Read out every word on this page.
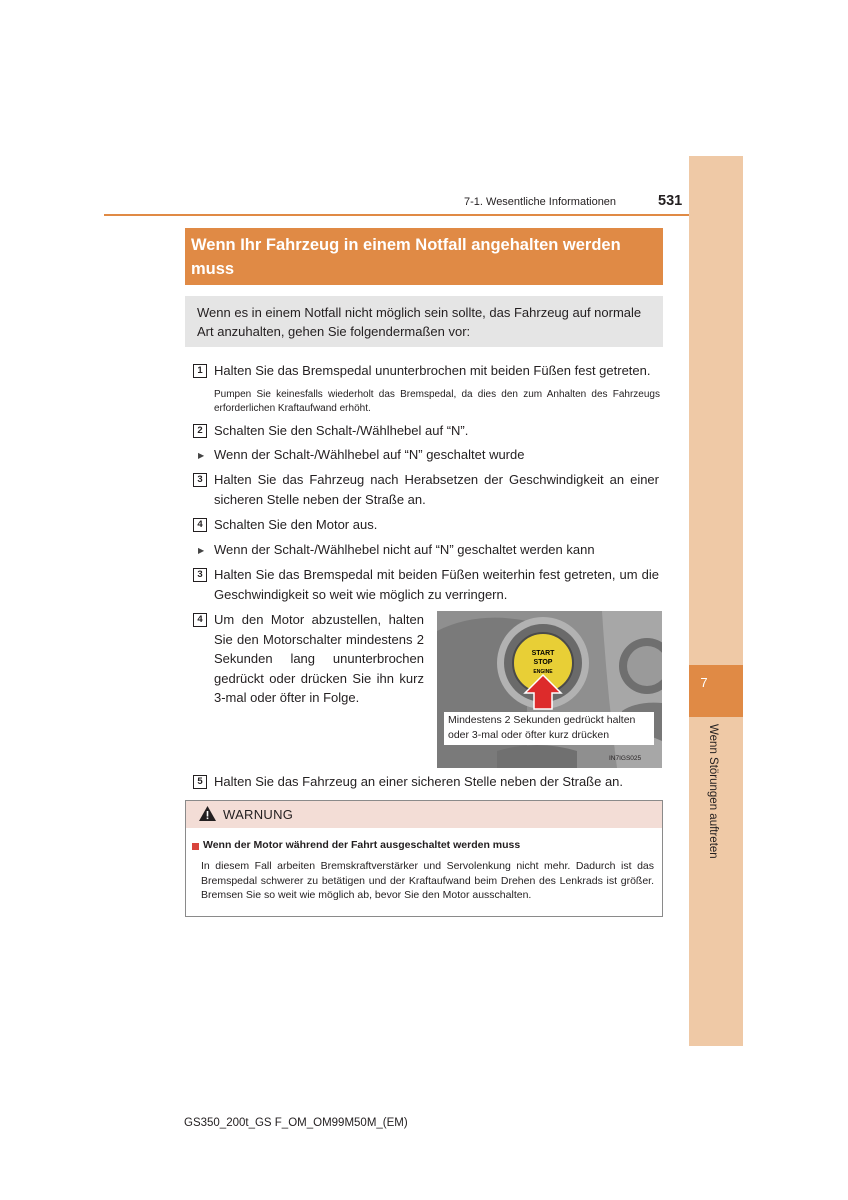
7
Wenn Störungen auftreten
7-1. Wesentliche Informationen	531
Wenn Ihr Fahrzeug in einem Notfall angehalten werden muss
Wenn es in einem Notfall nicht möglich sein sollte, das Fahrzeug auf normale Art anzuhalten, gehen Sie folgendermaßen vor:
1 Halten Sie das Bremspedal ununterbrochen mit beiden Füßen fest getreten.
Pumpen Sie keinesfalls wiederholt das Bremspedal, da dies den zum Anhalten des Fahrzeugs erforderlichen Kraftaufwand erhöht.
2 Schalten Sie den Schalt-/Wählhebel auf “N”.
▶ Wenn der Schalt-/Wählhebel auf “N” geschaltet wurde
3 Halten Sie das Fahrzeug nach Herabsetzen der Geschwindigkeit an einer sicheren Stelle neben der Straße an.
4 Schalten Sie den Motor aus.
▶ Wenn der Schalt-/Wählhebel nicht auf “N” geschaltet werden kann
3 Halten Sie das Bremspedal mit beiden Füßen weiterhin fest getreten, um die Geschwindigkeit so weit wie möglich zu verringern.
4 Um den Motor abzustellen, halten Sie den Motorschalter mindestens 2 Sekunden lang ununterbrochen gedrückt oder drücken Sie ihn kurz 3-mal oder öfter in Folge.
START
STOP
ENGINE
Mindestens 2 Sekunden gedrückt halten oder 3-mal oder öfter kurz drücken
IN7IGS025
5 Halten Sie das Fahrzeug an einer sicheren Stelle neben der Straße an.
WARNUNG
Wenn der Motor während der Fahrt ausgeschaltet werden muss
In diesem Fall arbeiten Bremskraftverstärker und Servolenkung nicht mehr. Dadurch ist das Bremspedal schwerer zu betätigen und der Kraftaufwand beim Drehen des Lenkrads ist größer. Bremsen Sie so weit wie möglich ab, bevor Sie den Motor ausschalten.
GS350_200t_GS F_OM_OM99M50M_(EM)
